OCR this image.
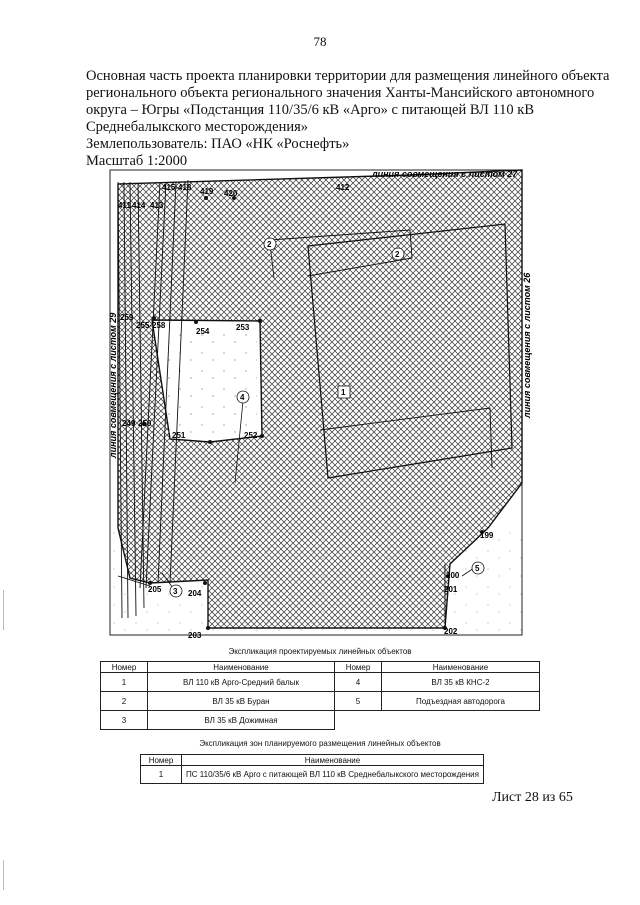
78
Основная часть проекта планировки территории для размещения линейного объекта
регионального объекта регионального значения Ханты-Мансийского автономного
округа – Югры «Подстанция 110/35/6 кВ «Арго» с питающей ВЛ 110 кВ
Среднебалыкского месторождения»
Землепользователь: ПАО «НК «Роснефть»
Масштаб 1:2000
линия совмещения с листом 27
линия совмещения с листом 26
линия совмещения с листом 29
415-418 419 420
412
411 414 413
259
255-258
254	253
251	252
249 250
199
200
201
202
203
204
205
1
2
3
4
5
2
Экспликация проектируемых линейных объектов
Номер	Наименование	Номер	Наименование
1	ВЛ 110 кВ Арго-Средний балык	4	ВЛ 35 кВ КНС-2
2	ВЛ 35 кВ Буран	5	Подъездная автодорога
3	ВЛ 35 кВ Дожимная		
Экспликация зон планируемого размещения линейных объектов
Номер	Наименование
1	ПС 110/35/6 кВ Арго с питающей ВЛ 110 кВ Среднебалыкского месторождения
Лист 28 из 65
